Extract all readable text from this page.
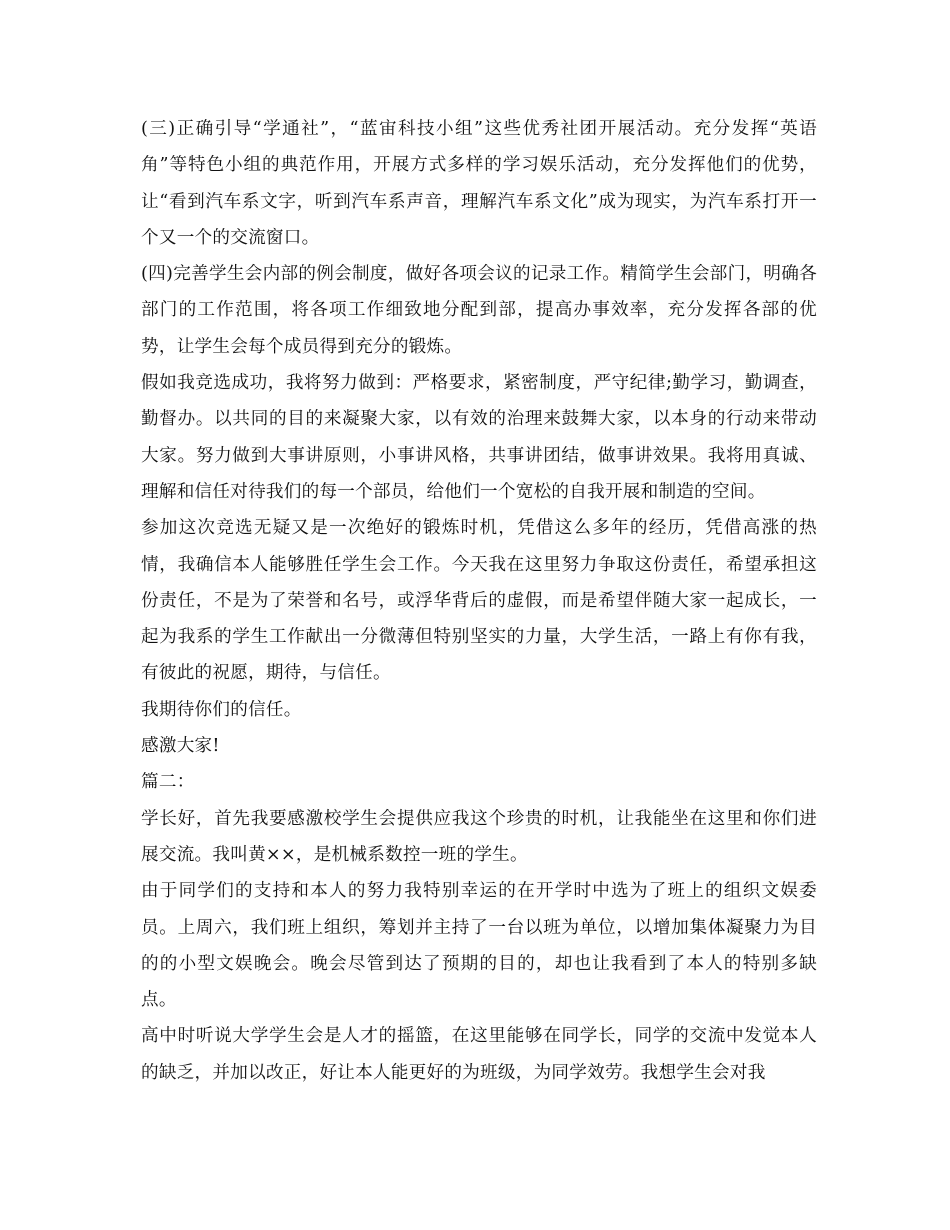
(三)正确引导“学通社”，“蓝宙科技小组”这些优秀社团开展活动。充分发挥“英语角”等特色小组的典范作用，开展方式多样的学习娱乐活动，充分发挥他们的优势，让“看到汽车系文字，听到汽车系声音，理解汽车系文化”成为现实，为汽车系打开一个又一个的交流窗口。

(四)完善学生会内部的例会制度，做好各项会议的记录工作。精简学生会部门，明确各部门的工作范围，将各项工作细致地分配到部，提高办事效率，充分发挥各部的优势，让学生会每个成员得到充分的锻炼。

假如我竞选成功，我将努力做到：严格要求，紧密制度，严守纪律;勤学习，勤调查，勤督办。以共同的目的来凝聚大家，以有效的治理来鼓舞大家，以本身的行动来带动大家。努力做到大事讲原则，小事讲风格，共事讲团结，做事讲效果。我将用真诚、理解和信任对待我们的每一个部员，给他们一个宽松的自我开展和制造的空间。

参加这次竞选无疑又是一次绝好的锻炼时机，凭借这么多年的经历，凭借高涨的热情，我确信本人能够胜任学生会工作。今天我在这里努力争取这份责任，希望承担这份责任，不是为了荣誉和名号，或浮华背后的虚假，而是希望伴随大家一起成长，一起为我系的学生工作献出一分微薄但特别坚实的力量，大学生活，一路上有你有我，有彼此的祝愿，期待，与信任。

我期待你们的信任。

感激大家!

篇二：

学长好，首先我要感激校学生会提供应我这个珍贵的时机，让我能坐在这里和你们进展交流。我叫黄××，是机械系数控一班的学生。

由于同学们的支持和本人的努力我特别幸运的在开学时中选为了班上的组织文娱委员。上周六，我们班上组织，筹划并主持了一台以班为单位，以增加集体凝聚力为目的的小型文娱晚会。晚会尽管到达了预期的目的，却也让我看到了本人的特别多缺点。

高中时听说大学学生会是人才的摇篮，在这里能够在同学长，同学的交流中发觉本人的缺乏，并加以改正，好让本人能更好的为班级，为同学效劳。我想学生会对我
